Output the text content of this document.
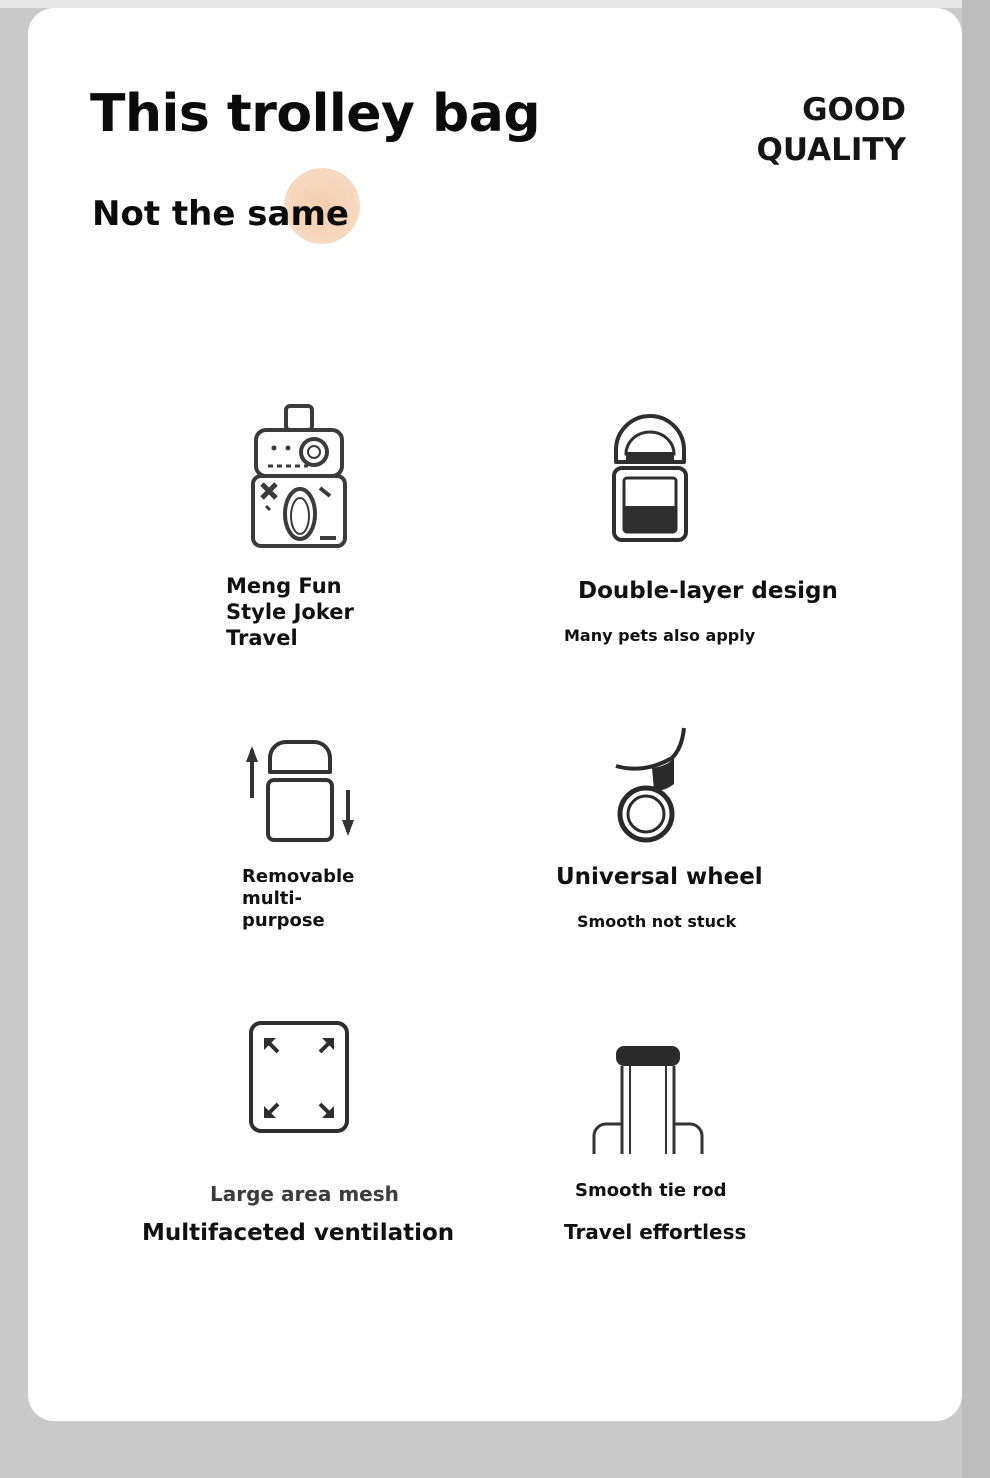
This trolley bag
Not the same
GOOD
QUALITY

Meng Fun

Style Joker

Travel

Double-layer design

Many pets also apply

Removable

multi-

purpose

Universal wheel

Smooth not stuck

Large area mesh

Multifaceted ventilation

Smooth tie rod

Travel effortless
